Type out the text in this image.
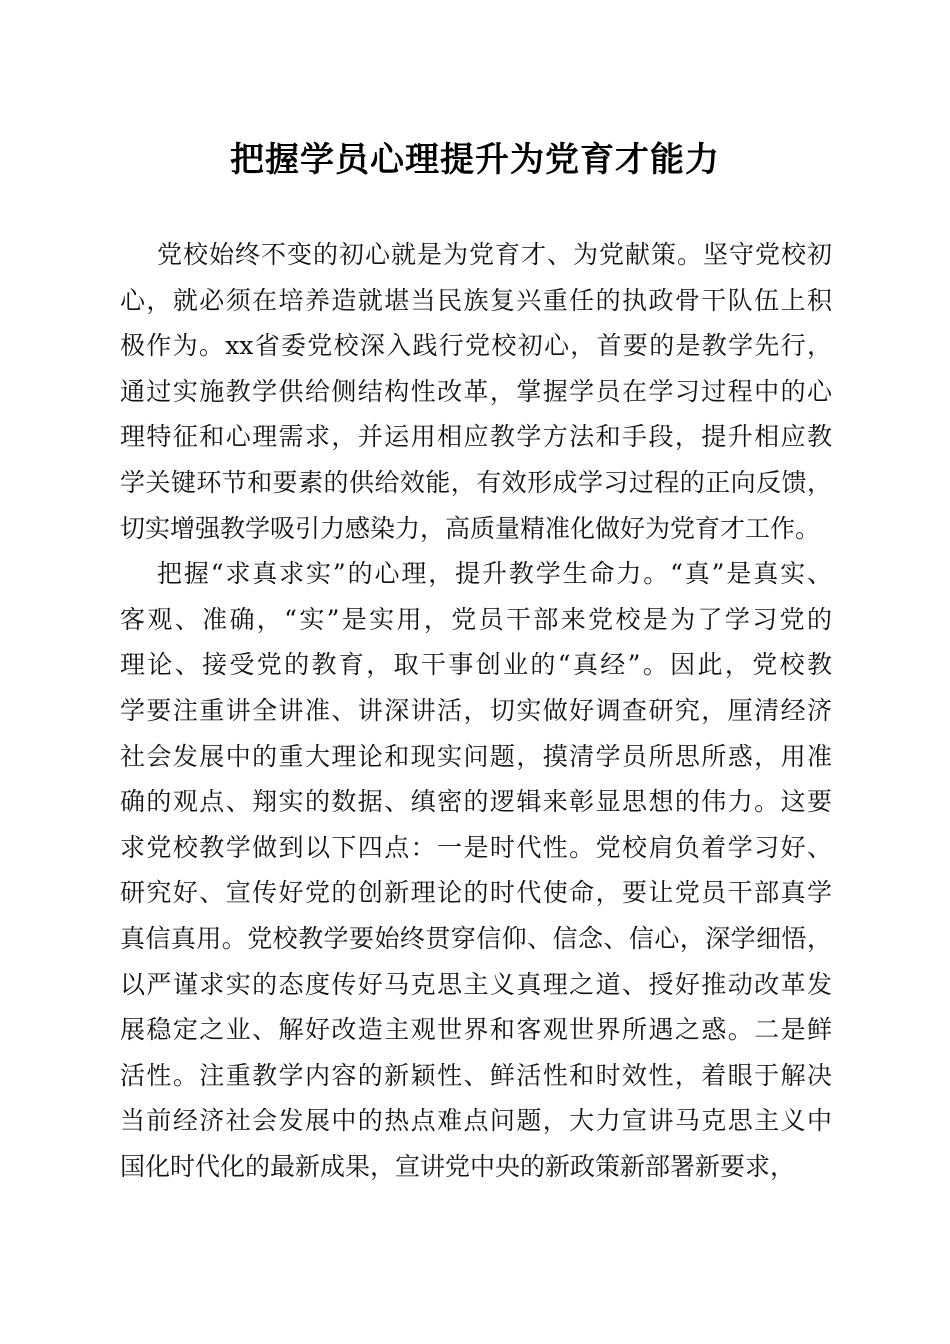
把握学员心理提升为党育才能力
党校始终不变的初心就是为党育才、为党献策。坚守党校初
心，就必须在培养造就堪当民族复兴重任的执政骨干队伍上积
极作为。xx省委党校深入践行党校初心，首要的是教学先行，
通过实施教学供给侧结构性改革，掌握学员在学习过程中的心
理特征和心理需求，并运用相应教学方法和手段，提升相应教
学关键环节和要素的供给效能，有效形成学习过程的正向反馈，
切实增强教学吸引力感染力，高质量精准化做好为党育才工作。
把握“求真求实”的心理，提升教学生命力。“真”是真实、
客观、准确，“实”是实用，党员干部来党校是为了学习党的
理论、接受党的教育，取干事创业的“真经”。因此，党校教
学要注重讲全讲准、讲深讲活，切实做好调查研究，厘清经济
社会发展中的重大理论和现实问题，摸清学员所思所惑，用准
确的观点、翔实的数据、缜密的逻辑来彰显思想的伟力。这要
求党校教学做到以下四点：一是时代性。党校肩负着学习好、
研究好、宣传好党的创新理论的时代使命，要让党员干部真学
真信真用。党校教学要始终贯穿信仰、信念、信心，深学细悟，
以严谨求实的态度传好马克思主义真理之道、授好推动改革发
展稳定之业、解好改造主观世界和客观世界所遇之惑。二是鲜
活性。注重教学内容的新颖性、鲜活性和时效性，着眼于解决
当前经济社会发展中的热点难点问题，大力宣讲马克思主义中
国化时代化的最新成果，宣讲党中央的新政策新部署新要求，
